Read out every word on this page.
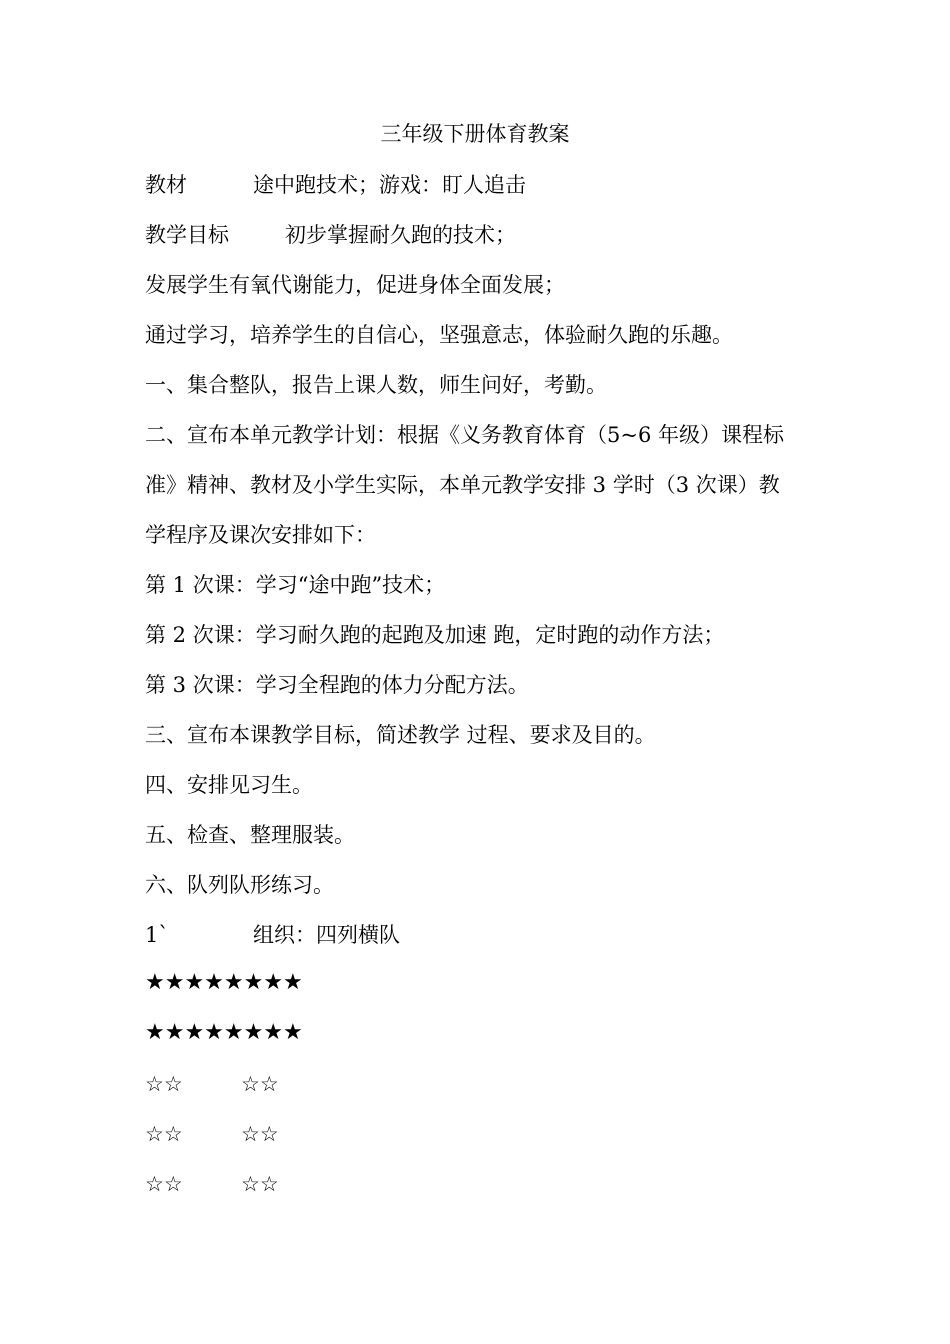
三年级下册体育教案
教材	途中跑技术；游戏：盯人追击
教学目标	初步掌握耐久跑的技术；
发展学生有氧代谢能力，促进身体全面发展；
通过学习，培养学生的自信心，坚强意志，体验耐久跑的乐趣。
一、集合整队，报告上课人数，师生问好，考勤。
二、宣布本单元教学计划：根据《义务教育体育（5~6 年级）课程标
准》精神、教材及小学生实际，本单元教学安排 3 学时（3 次课）教
学程序及课次安排如下：
第 1 次课：学习“途中跑”技术；
第 2 次课：学习耐久跑的起跑及加速 跑，定时跑的动作方法；
第 3 次课：学习全程跑的体力分配方法。
三、宣布本课教学目标，简述教学 过程、要求及目的。
四、安排见习生。
五、检查、整理服装。
六、队列队形练习。
1`	组织：四列横队
★★★★★★★★
★★★★★★★★
☆☆	☆☆
☆☆	☆☆
☆☆	☆☆
